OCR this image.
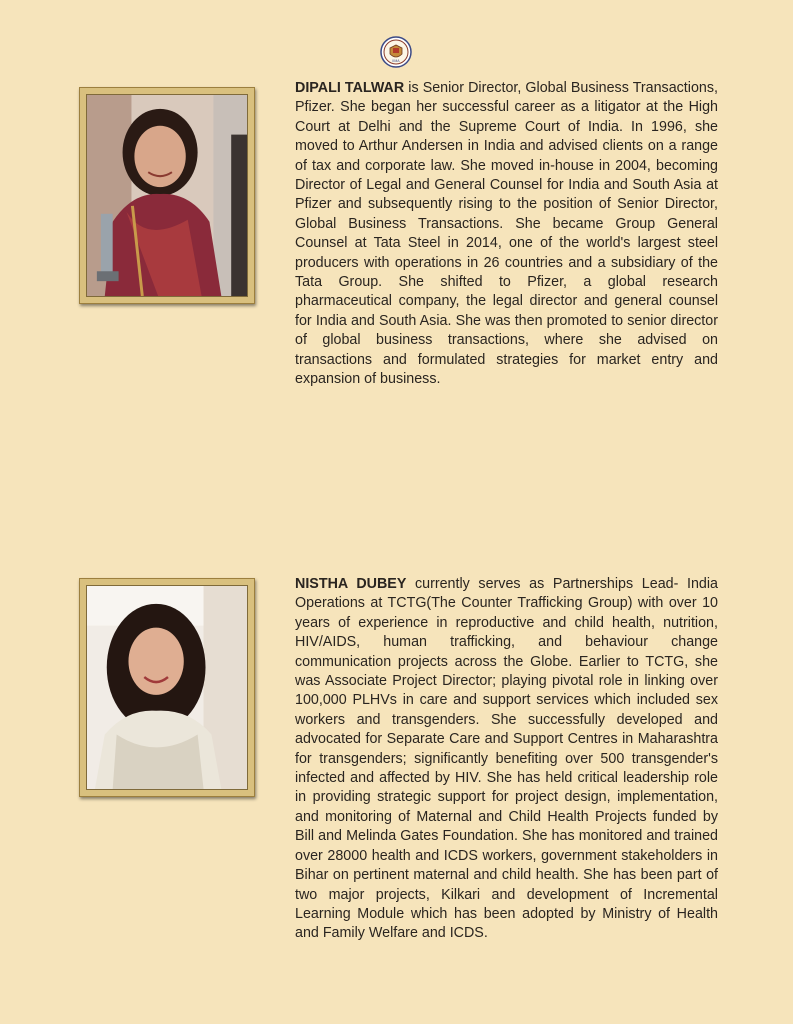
IIMA

DIPALI TALWAR is Senior Director, Global Business Transactions, Pfizer. She began her successful career as a litigator at the High Court at Delhi and the Supreme Court of India. In 1996, she moved to Arthur Andersen in India and advised clients on a range of tax and corporate law. She moved in-house in 2004, becoming Director of Legal and General Counsel for India and South Asia at Pfizer and subsequently rising to the position of Senior Director, Global Business Transactions. She became Group General Counsel at Tata Steel in 2014, one of the world's largest steel producers with operations in 26 countries and a subsidiary of the Tata Group. She shifted to Pfizer, a global research pharmaceutical company, the legal director and general counsel for India and South Asia. She was then promoted to senior director of global business transactions, where she advised on transactions and formulated strategies for market entry and expansion of business.

NISTHA DUBEY currently serves as Partnerships Lead- India Operations at TCTG(The Counter Trafficking Group) with over 10 years of experience in reproductive and child health, nutrition, HIV/AIDS, human trafficking, and behaviour change communication projects across the Globe. Earlier to TCTG, she was Associate Project Director; playing pivotal role in linking over 100,000 PLHVs in care and support services which included sex workers and transgenders. She successfully developed and advocated for Separate Care and Support Centres in Maharashtra for transgenders; significantly benefiting over 500 transgender's infected and affected by HIV. She has held critical leadership role in providing strategic support for project design, implementation, and monitoring of Maternal and Child Health Projects funded by Bill and Melinda Gates Foundation. She has monitored and trained over 28000 health and ICDS workers, government stakeholders in Bihar on pertinent maternal and child health. She has been part of two major projects, Kilkari and development of Incremental Learning Module which has been adopted by Ministry of Health and Family Welfare and ICDS.
